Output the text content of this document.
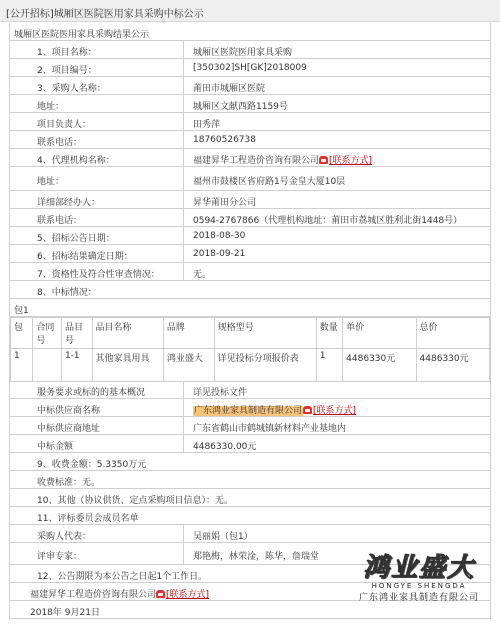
[公开招标]城厢区医院医用家具采购中标公示
城厢区医院医用家具采购结果公示
1、项目名称：	城厢区医院医用家具采购
2、项目编号：	[350302]SH[GK]2018009
3、采购人名称：	莆田市城厢区医院
地址：	城厢区文献西路1159号
项目负责人：	田秀萍
联系电话：	18760526738
4、代理机构名称：	福建昇华工程造价咨询有限公司 [联系方式]
地址：	福州市鼓楼区省府路1号金皇大厦10层
详细部经办人：	昇华莆田分公司
联系电话：	0594-2767866（代理机构地址：莆田市荔城区胜利北街1448号）
5、招标公告日期：	2018-08-30
6、招标结果确定日期：	2018-09-21
7、资格性及符合性审查情况：	无。
8、中标情况：
包1
包	合同号	品目号	品目名称	品牌	规格型号	数量	单价	总价
1		1-1	其他家具用具	鸿业盛大	详见投标分项报价表	1	4486330元	4486330元
服务要求或标的的基本概况	详见投标文件
中标供应商名称	广东鸿业家具制造有限公司 [联系方式]
中标供应商地址	广东省鹤山市鹤城镇新材料产业基地内
中标金额	4486330.00元
9、收费金额：5.3350万元
收费标准：无。
10、其他（协议供货、定点采购项目信息）：无。
11、评标委员会成员名单
采购人代表：	吴丽娟（包1）
评审专家：	郑艳梅，林荣淦，陈华，詹瑞堂
12、公告期限为本公告之日起1个工作日。
福建昇华工程造价咨询有限公司 [联系方式]
2018年 9月21日
鸿业盛大
HONGYE SHENGDA
广东鸿业家具制造有限公司
